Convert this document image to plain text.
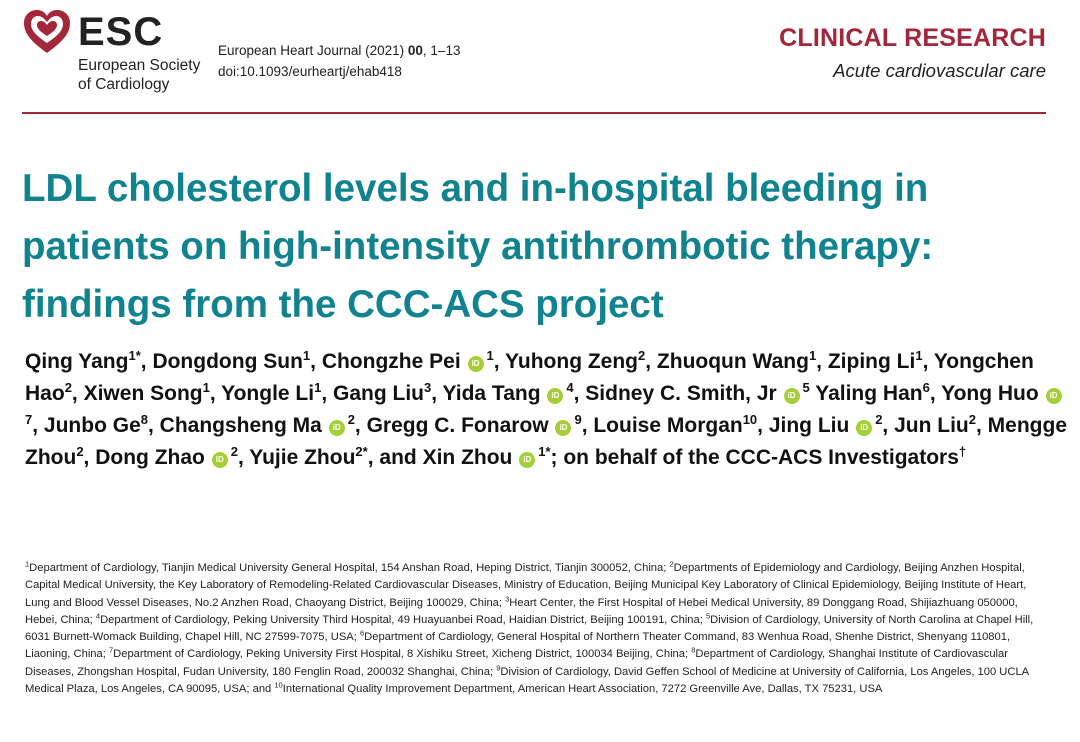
ESC
European Society
of Cardiology
European Heart Journal (2021) 00, 1–13
doi:10.1093/eurheartj/ehab418
CLINICAL RESEARCH
Acute cardiovascular care
LDL cholesterol levels and in-hospital bleeding in patients on high-intensity antithrombotic therapy: findings from the CCC-ACS project
Qing Yang$^{1*}$, Dongdong Sun$^1$, Chongzhe Pei $iD^1$, Yuhong Zeng$^2$, Zhuoqun Wang$^1$, Ziping Li$^1$, Yongchen Hao$^2$, Xiwen Song$^1$, Yongle Li$^1$, Gang Liu$^3$, Yida Tang $iD^4$, Sidney C. Smith, Jr $iD^5$ Yaling Han$^6$, Yong Huo $iD^7$, Junbo Ge$^8$, Changsheng Ma $iD^2$, Gregg C. Fonarow $iD^9$, Louise Morgan$^{10}$, Jing Liu $iD^2$, Jun Liu$^2$, Mengge Zhou$^2$, Dong Zhao $iD^2$, Yujie Zhou$^{2*}$, and Xin Zhou $iD^{1*}$; on behalf of the CCC-ACS Investigators†
$^1$Department of Cardiology, Tianjin Medical University General Hospital, 154 Anshan Road, Heping District, Tianjin 300052, China; $^2$Departments of Epidemiology and Cardiology, Beijing Anzhen Hospital, Capital Medical University, the Key Laboratory of Remodeling-Related Cardiovascular Diseases, Ministry of Education, Beijing Municipal Key Laboratory of Clinical Epidemiology, Beijing Institute of Heart, Lung and Blood Vessel Diseases, No.2 Anzhen Road, Chaoyang District, Beijing 100029, China; $^3$Heart Center, the First Hospital of Hebei Medical University, 89 Donggang Road, Shijiazhuang 050000, Hebei, China; $^4$Department of Cardiology, Peking University Third Hospital, 49 Huayuanbei Road, Haidian District, Beijing 100191, China; $^5$Division of Cardiology, University of North Carolina at Chapel Hill, 6031 Burnett-Womack Building, Chapel Hill, NC 27599-7075, USA; $^6$Department of Cardiology, General Hospital of Northern Theater Command, 83 Wenhua Road, Shenhe District, Shenyang 110801, Liaoning, China; $^7$Department of Cardiology, Peking University First Hospital, 8 Xishiku Street, Xicheng District, 100034 Beijing, China; $^8$Department of Cardiology, Shanghai Institute of Cardiovascular Diseases, Zhongshan Hospital, Fudan University, 180 Fenglin Road, 200032 Shanghai, China; $^9$Division of Cardiology, David Geffen School of Medicine at University of California, Los Angeles, 100 UCLA Medical Plaza, Los Angeles, CA 90095, USA; and $^{10}$International Quality Improvement Department, American Heart Association, 7272 Greenville Ave, Dallas, TX 75231, USA
